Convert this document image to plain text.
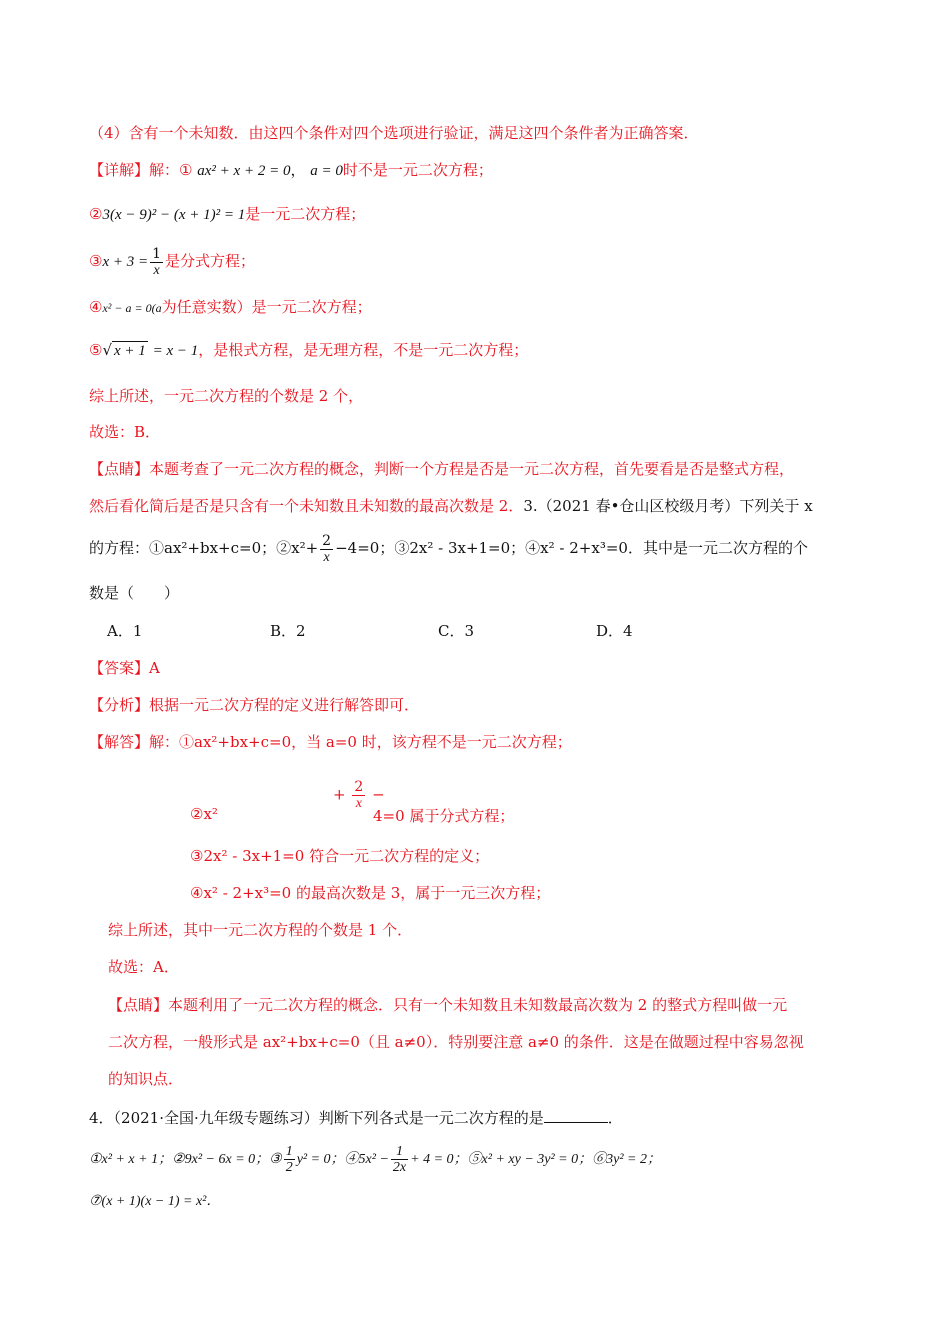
（4）含有一个未知数．由这四个条件对四个选项进行验证，满足这四个条件者为正确答案．
【详解】解：① ax² + x + 2 = 0， a = 0时不是一元二次方程；
②3(x − 9)² − (x + 1)² = 1是一元二次方程；
③x + $3 = \frac{1}{x}$ 是分式方程；
④x² − a = 0(a为任意实数）是一元二次方程；
⑤√ x + 1 = x − 1，是根式方程，是无理方程，不是一元二次方程；
综上所述，一元二次方程的个数是 2 个，
故选：B．
【点睛】本题考查了一元二次方程的概念，判断一个方程是否是一元二次方程，首先要看是否是整式方程，
然后看化简后是否是只含有一个未知数且未知数的最高次数是 2．3.（2021 春•仓山区校级月考）下列关于 x
的方程：①ax²+bx+c=0；②x²+ $\frac{2}{x} -4=0$；③2x² - 3x+1=0；④x² - 2+x³=0．其中是一元二次方程的个
数是（　　）
A．1	B．2	C．3	D．4
【答案】A
【分析】根据一元二次方程的定义进行解答即可．
【解答】解：①ax²+bx+c=0，当 a=0 时，该方程不是一元二次方程；
②x²
+ $\frac{2}{x}$ −
4=0 属于分式方程；
③2x² - 3x+1=0 符合一元二次方程的定义；
④x² - 2+x³=0 的最高次数是 3，属于一元三次方程；
综上所述，其中一元二次方程的个数是 1 个．
故选：A．
【点睛】本题利用了一元二次方程的概念．只有一个未知数且未知数最高次数为 2 的整式方程叫做一元
二次方程，一般形式是 ax²+bx+c=0（且 a≠0）．特别要注意 a≠0 的条件．这是在做题过程中容易忽视
的知识点．
4．（2021·全国·九年级专题练习）判断下列各式是一元二次方程的是	．
①x² + x + 1；②9x² − 6x = 0；③ $\frac{1}{2} y^2 = 0$；④5x² − $\frac{1}{2x} + 4 = 0$；⑤x² + xy − 3y² = 0；⑥3y² = 2；
⑦(x + 1)(x − 1) = x²．
